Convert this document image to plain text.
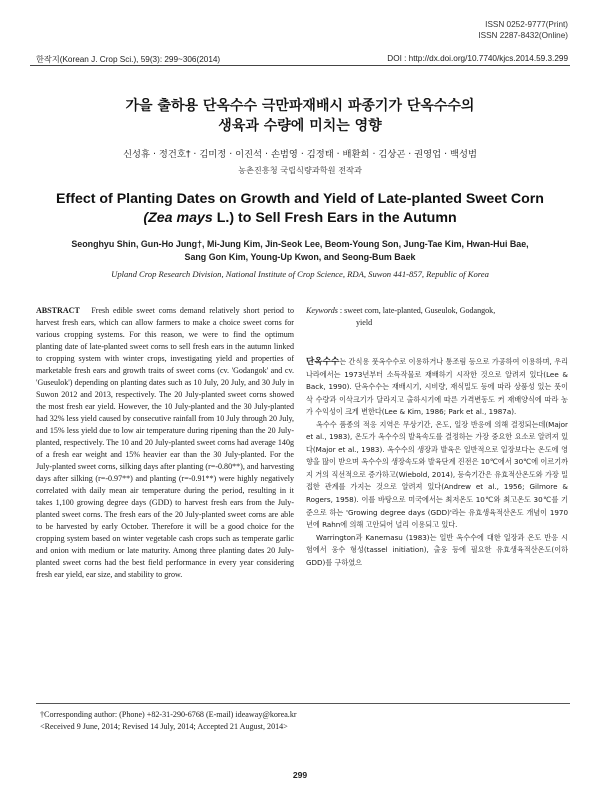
ISSN 0252-9777(Print)
ISSN 2287-8432(Online)
한작지(Korean J. Crop Sci.), 59(3): 299~306(2014)	DOI : http://dx.doi.org/10.7740/kjcs.2014.59.3.299
가을 출하용 단옥수수 극만파재배시 파종기가 단옥수수의
생육과 수량에 미치는 영향
신성휴 · 정건호† · 김미정 · 이진석 · 손범영 · 김정태 · 배환희 · 김상곤 · 권영업 · 백성범
농촌진흥청 국립식량과학원 전작과
Effect of Planting Dates on Growth and Yield of Late-planted Sweet Corn
(Zea mays L.) to Sell Fresh Ears in the Autumn
Seonghyu Shin, Gun-Ho Jung†, Mi-Jung Kim, Jin-Seok Lee, Beom-Young Son, Jung-Tae Kim, Hwan-Hui Bae,
Sang Gon Kim, Young-Up Kwon, and Seong-Bum Baek
Upland Crop Research Division, National Institute of Crop Science, RDA, Suwon 441-857, Republic of Korea
ABSTRACT Fresh edible sweet corns demand relatively short period to harvest fresh ears, which can allow farmers to make a choice sweet corns for various cropping systems. For this reason, we were to find the optimum planting date of late-planted sweet corns to sell fresh ears in the autumn linked to cropping system with winter crops, investigating yield and properties of marketable fresh ears and growth traits of sweet corns (cv. 'Godangok' and cv. 'Guseulok') depending on planting dates such as 10 July, 20 July, and 30 July in Suwon 2012 and 2013, respectively. The 20 July-planted sweet corns showed the most fresh ear yield. However, the 10 July-planted and the 30 July-planted had 32% less yield caused by consecutive rainfall from 10 July through 20 July, and 15% less yield due to low air temperature during ripening than the 20 July-planted, respectively. The 10 and 20 July-planted sweet corns had average 140g of a fresh ear weight and 15% heavier ear than the 30 July-planted. For the July-planted sweet corns, silking days after planting (r=-0.80**), and harvesting days after silking (r=-0.97**) and planting (r=-0.91**) were highly negatively correlated with daily mean air temperature during the period, resulting in it takes 1,100 growing degree days (GDD) to harvest fresh ears from the July-planted sweet corns. The fresh ears of the 20 July-planted sweet corns are able to be harvested by early October. Therefore it will be a good choice for the cropping system based on winter vegetable cash crops such as temperate garlic and onion with medium or late maturity. Among three planting dates 20 July-planted sweet corns had the best field performance in every year considering fresh ear yield, ear size, and stability to grow.
Keywords : sweet corn, late-planted, Guseulok, Godangok,
yield

단옥수수는 간식용 풋옥수수로 이용하거나 통조림 등으로 가공하여 이용하며, 우리나라에서는 1973년부터 소득작물로 재배하기 시작한 것으로 알려져 있다(Lee & Back, 1990). 단옥수수는 재배시기, 시비량, 재식밀도 등에 따라 상품성 있는 풋이삭 수량과 이삭크기가 달라지고 출하시기에 따른 가격변동도 커 재배양식에 따라 농가 수익성이 크게 변한다(Lee & Kim, 1986; Park et al., 1987a).

옥수수 품종의 적응 지역은 무상기간, 온도, 일장 반응에 의해 결정되는데(Major et al., 1983), 온도가 옥수수의 발육속도를 결정하는 가장 중요한 요소로 알려져 있다(Major et al., 1983). 옥수수의 생장과 발육은 일반적으로 일장보다는 온도에 영향을 많이 받으며 옥수수의 생장속도와 발육단계 진전은 10℃에서 30℃에 이르기까지 거의 직선적으로 증가하고(Wiebold, 2014), 등숙기간은 유효적산온도와 가장 밀접한 관계를 가지는 것으로 알려져 있다(Andrew et al., 1956; Gilmore & Rogers, 1958). 이를 바탕으로 미국에서는 최저온도 10℃와 최고온도 30℃를 기준으로 하는 'Growing degree days (GDD)'라는 유효생육적산온도 개념이 1970년에 Rahn에 의해 고안되어 널리 이용되고 있다.

Warrington과 Kanemasu (1983)는 일반 옥수수에 대한 일장과 온도 반응 시험에서 웅수 형성(tassel initiation), 출웅 등에 필요한 유효생육적산온도(이하 GDD)를 구하였으

†Corresponding author: (Phone) +82-31-290-6768 (E-mail) ideaway@korea.kr
<Received 9 June, 2014; Revised 14 July, 2014; Accepted 21 August, 2014>
299
